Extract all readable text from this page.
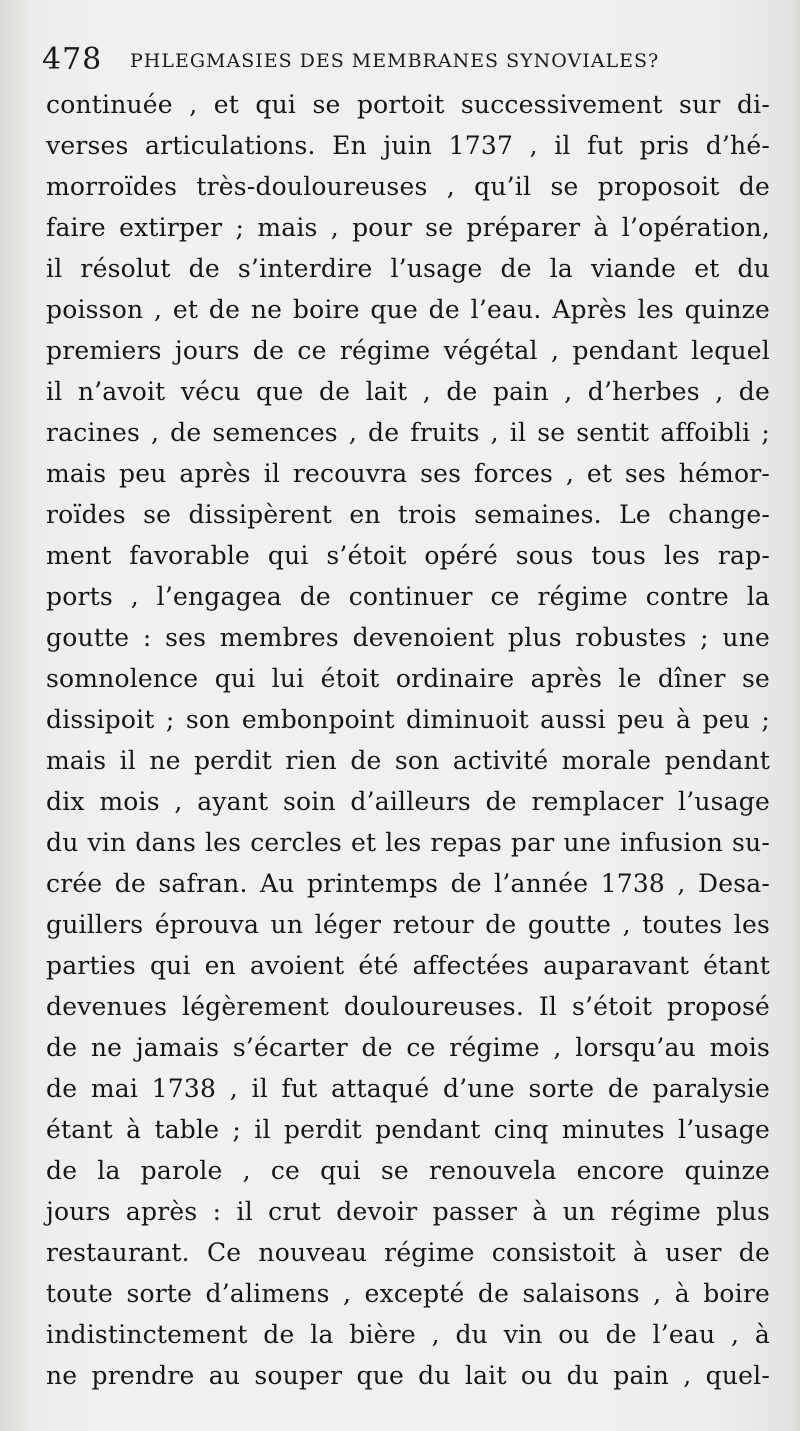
478 PHLEGMASIES DES MEMBRANES SYNOVIALES?
continuée , et qui se portoit successivement sur di-
verses articulations. En juin 1737 , il fut pris d’hé-
morroïdes très-douloureuses , qu’il se proposoit de
faire extirper ; mais , pour se préparer à l’opération,
il résolut de s’interdire l’usage de la viande et du
poisson , et de ne boire que de l’eau. Après les quinze
premiers jours de ce régime végétal , pendant lequel
il n’avoit vécu que de lait , de pain , d’herbes , de
racines , de semences , de fruits , il se sentit affoibli ;
mais peu après il recouvra ses forces , et ses hémor-
roïdes se dissipèrent en trois semaines. Le change-
ment favorable qui s’étoit opéré sous tous les rap-
ports , l’engagea de continuer ce régime contre la
goutte : ses membres devenoient plus robustes ; une
somnolence qui lui étoit ordinaire après le dîner se
dissipoit ; son embonpoint diminuoit aussi peu à peu ;
mais il ne perdit rien de son activité morale pendant
dix mois , ayant soin d’ailleurs de remplacer l’usage
du vin dans les cercles et les repas par une infusion su-
crée de safran. Au printemps de l’année 1738 , Desa-
guillers éprouva un léger retour de goutte , toutes les
parties qui en avoient été affectées auparavant étant
devenues légèrement douloureuses. Il s’étoit proposé
de ne jamais s’écarter de ce régime , lorsqu’au mois
de mai 1738 , il fut attaqué d’une sorte de paralysie
étant à table ; il perdit pendant cinq minutes l’usage
de la parole , ce qui se renouvela encore quinze
jours après : il crut devoir passer à un régime plus
restaurant. Ce nouveau régime consistoit à user de
toute sorte d’alimens , excepté de salaisons , à boire
indistinctement de la bière , du vin ou de l’eau , à
ne prendre au souper que du lait ou du pain , quel-
